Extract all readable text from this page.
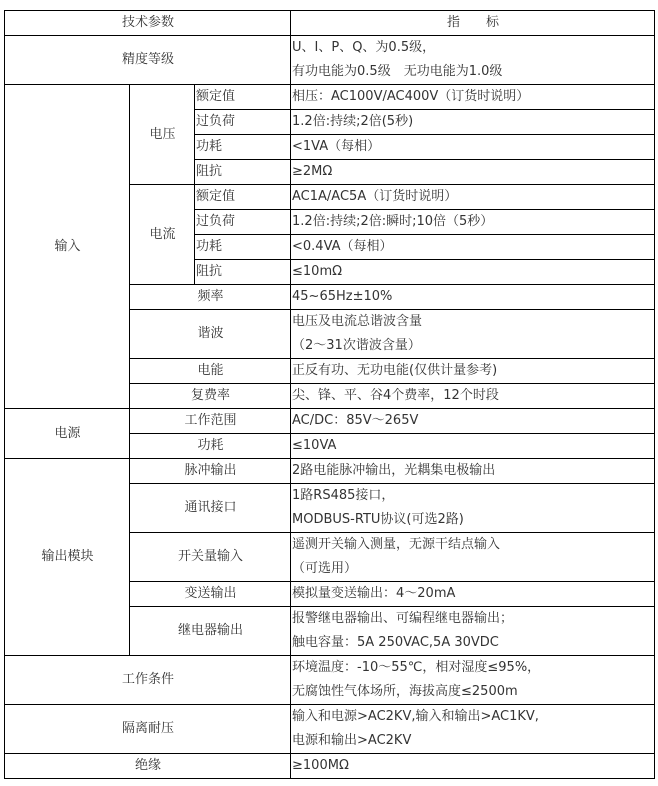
技术参数			指　　标
精度等级			U、I、P、Q、为0.5级，
有功电能为0.5级　无功电能为1.0级

输入	电压	额定值	相压：AC100V/AC400V（订货时说明）
		过负荷	1.2倍:持续;2倍(5秒)
		功耗	<1VA（每相）
		阻抗	≥2MΩ
	电流	额定值	AC1A/AC5A（订货时说明）
		过负荷	1.2倍:持续;2倍:瞬时;10倍（5秒）
		功耗	<0.4VA（每相）
		阻抗	≤10mΩ
	频率		45~65Hz±10%
	谐波		电压及电流总谐波含量
（2～31次谐波含量）

	电能		正反有功、无功电能(仅供计量参考)
	复费率		尖、锋、平、谷4个费率，12个时段
电源	工作范围		AC/DC：85V～265V
	功耗		≤10VA
输出模块	脉冲输出		2路电能脉冲输出，光耦集电极输出
	通讯接口		1路RS485接口，
MODBUS-RTU协议(可选2路)

	开关量输入		遥测开关输入测量，无源干结点输入
（可选用）

	变送输出		模拟量变送输出：4～20mA
	继电器输出		报警继电器输出、可编程继电器输出；
触电容量：5A 250VAC,5A 30VDC

工作条件			环境温度：-10～55℃，相对湿度≤95%，
无腐蚀性气体场所，海拔高度≤2500m

隔离耐压			输入和电源>AC2KV,输入和输出>AC1KV,
电源和输出>AC2KV

绝缘			≥100MΩ
